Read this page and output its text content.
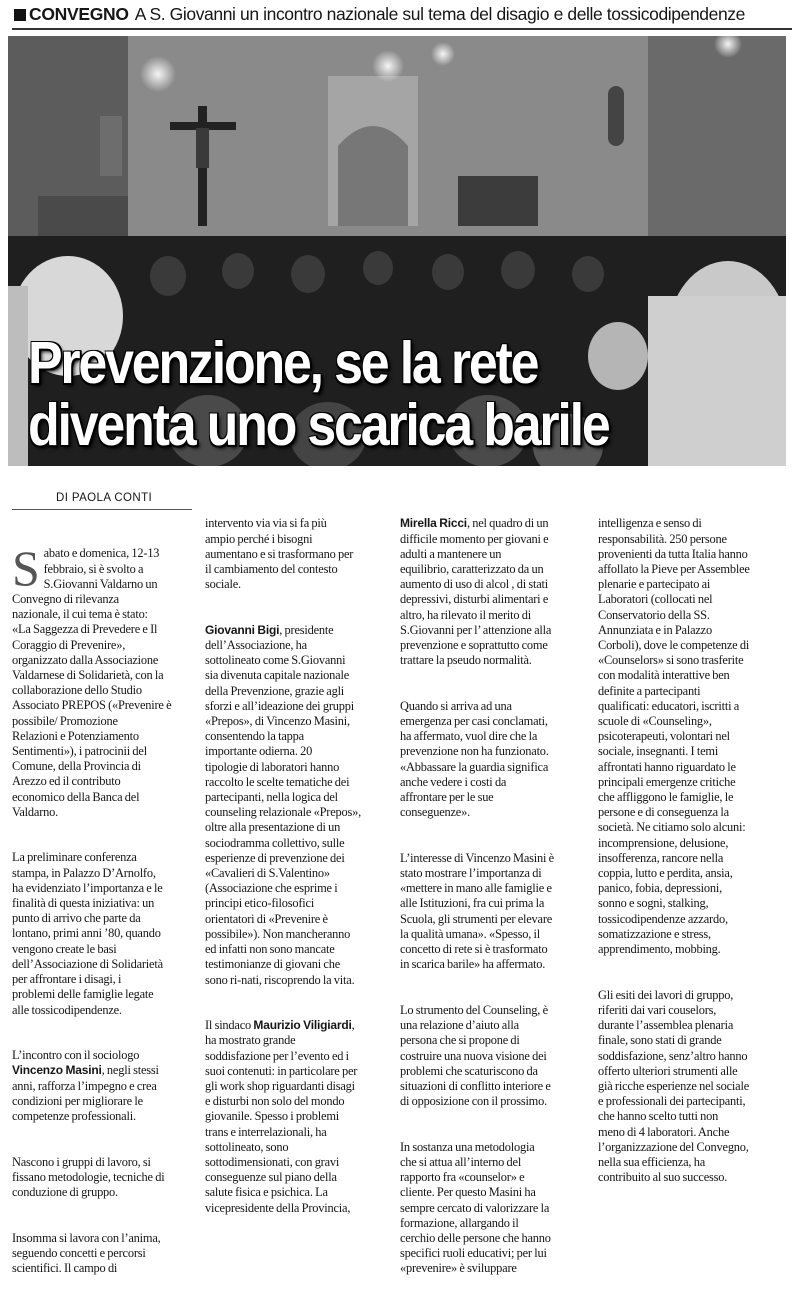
CONVEGNO A S. Giovanni un incontro nazionale sul tema del disagio e delle tossicodipendenze
Prevenzione, se la rete
diventa uno scarica barile
DI PAOLA CONTI

Sabato e domenica, 12-13
febbraio, si è svolto a
S.Giovanni Valdarno un
Convegno di rilevanza
nazionale, il cui tema è stato:
«La Saggezza di Prevedere e Il
Coraggio di Prevenire»,
organizzato dalla Associazione
Valdarnese di Solidarietà, con la
collaborazione dello Studio
Associato PREPOS («Prevenire è
possibile/ Promozione
Relazioni e Potenziamento
Sentimenti»), i patrocinii del
Comune, della Provincia di
Arezzo ed il contributo
economico della Banca del
Valdarno.

La preliminare conferenza
stampa, in Palazzo D’Arnolfo,
ha evidenziato l’importanza e le
finalità di questa iniziativa: un
punto di arrivo che parte da
lontano, primi anni ’80, quando
vengono create le basi
dell’Associazione di Solidarietà
per affrontare i disagi, i
problemi delle famiglie legate
alle tossicodipendenze.

L’incontro con il sociologo
Vincenzo Masini, negli stessi
anni, rafforza l’impegno e crea
condizioni per migliorare le
competenze professionali.

Nascono i gruppi di lavoro, si
fissano metodologie, tecniche di
conduzione di gruppo.

Insomma si lavora con l’anima,
seguendo concetti e percorsi
scientifici. Il campo di

intervento via via si fa più
ampio perché i bisogni
aumentano e si trasformano per
il cambiamento del contesto
sociale.

Giovanni Bigi, presidente
dell’Associazione, ha
sottolineato come S.Giovanni
sia divenuta capitale nazionale
della Prevenzione, grazie agli
sforzi e all’ideazione dei gruppi
«Prepos», di Vincenzo Masini,
consentendo la tappa
importante odierna. 20
tipologie di laboratori hanno
raccolto le scelte tematiche dei
partecipanti, nella logica del
counseling relazionale «Prepos»,
oltre alla presentazione di un
sociodramma collettivo, sulle
esperienze di prevenzione dei
«Cavalieri di S.Valentino»
(Associazione che esprime i
principi etico-filosofici
orientatori di «Prevenire è
possibile»). Non mancheranno
ed infatti non sono mancate
testimonianze di giovani che
sono ri-nati, riscoprendo la vita.

Il sindaco Maurizio Viligiardi,
ha mostrato grande
soddisfazione per l’evento ed i
suoi contenuti: in particolare per
gli work shop riguardanti disagi
e disturbi non solo del mondo
giovanile. Spesso i problemi
trans e interrelazionali, ha
sottolineato, sono
sottodimensionati, con gravi
conseguenze sul piano della
salute fisica e psichica. La
vicepresidente della Provincia,

Mirella Ricci, nel quadro di un
difficile momento per giovani e
adulti a mantenere un
equilibrio, caratterizzato da un
aumento di uso di alcol , di stati
depressivi, disturbi alimentari e
altro, ha rilevato il merito di
S.Giovanni per l’ attenzione alla
prevenzione e soprattutto come
trattare la pseudo normalità.

Quando si arriva ad una
emergenza per casi conclamati,
ha affermato, vuol dire che la
prevenzione non ha funzionato.
«Abbassare la guardia significa
anche vedere i costi da
affrontare per le sue
conseguenze».

L’interesse di Vincenzo Masini è
stato mostrare l’importanza di
«mettere in mano alle famiglie e
alle Istituzioni, fra cui prima la
Scuola, gli strumenti per elevare
la qualità umana». «Spesso, il
concetto di rete si è trasformato
in scarica barile» ha affermato.

Lo strumento del Counseling, è
una relazione d’aiuto alla
persona che si propone di
costruire una nuova visione dei
problemi che scaturiscono da
situazioni di conflitto interiore e
di opposizione con il prossimo.

In sostanza una metodologia
che si attua all’interno del
rapporto fra «counselor» e
cliente. Per questo Masini ha
sempre cercato di valorizzare la
formazione, allargando il
cerchio delle persone che hanno
specifici ruoli educativi; per lui
«prevenire» è sviluppare

intelligenza e senso di
responsabilità. 250 persone
provenienti da tutta Italia hanno
affollato la Pieve per Assemblee
plenarie e partecipato ai
Laboratori (collocati nel
Conservatorio della SS.
Annunziata e in Palazzo
Corboli), dove le competenze di
«Counselors» si sono trasferite
con modalità interattive ben
definite a partecipanti
qualificati: educatori, iscritti a
scuole di «Counseling»,
psicoterapeuti, volontari nel
sociale, insegnanti. I temi
affrontati hanno riguardato le
principali emergenze critiche
che affliggono le famiglie, le
persone e di conseguenza la
società. Ne citiamo solo alcuni:
incomprensione, delusione,
insofferenza, rancore nella
coppia, lutto e perdita, ansia,
panico, fobia, depressioni,
sonno e sogni, stalking,
tossicodipendenze azzardo,
somatizzazione e stress,
apprendimento, mobbing.

Gli esiti dei lavori di gruppo,
riferiti dai vari couselors,
durante l’assemblea plenaria
finale, sono stati di grande
soddisfazione, senz’altro hanno
offerto ulteriori strumenti alle
già ricche esperienze nel sociale
e professionali dei partecipanti,
che hanno scelto tutti non
meno di 4 laboratori. Anche
l’organizzazione del Convegno,
nella sua efficienza, ha
contribuito al suo successo.
